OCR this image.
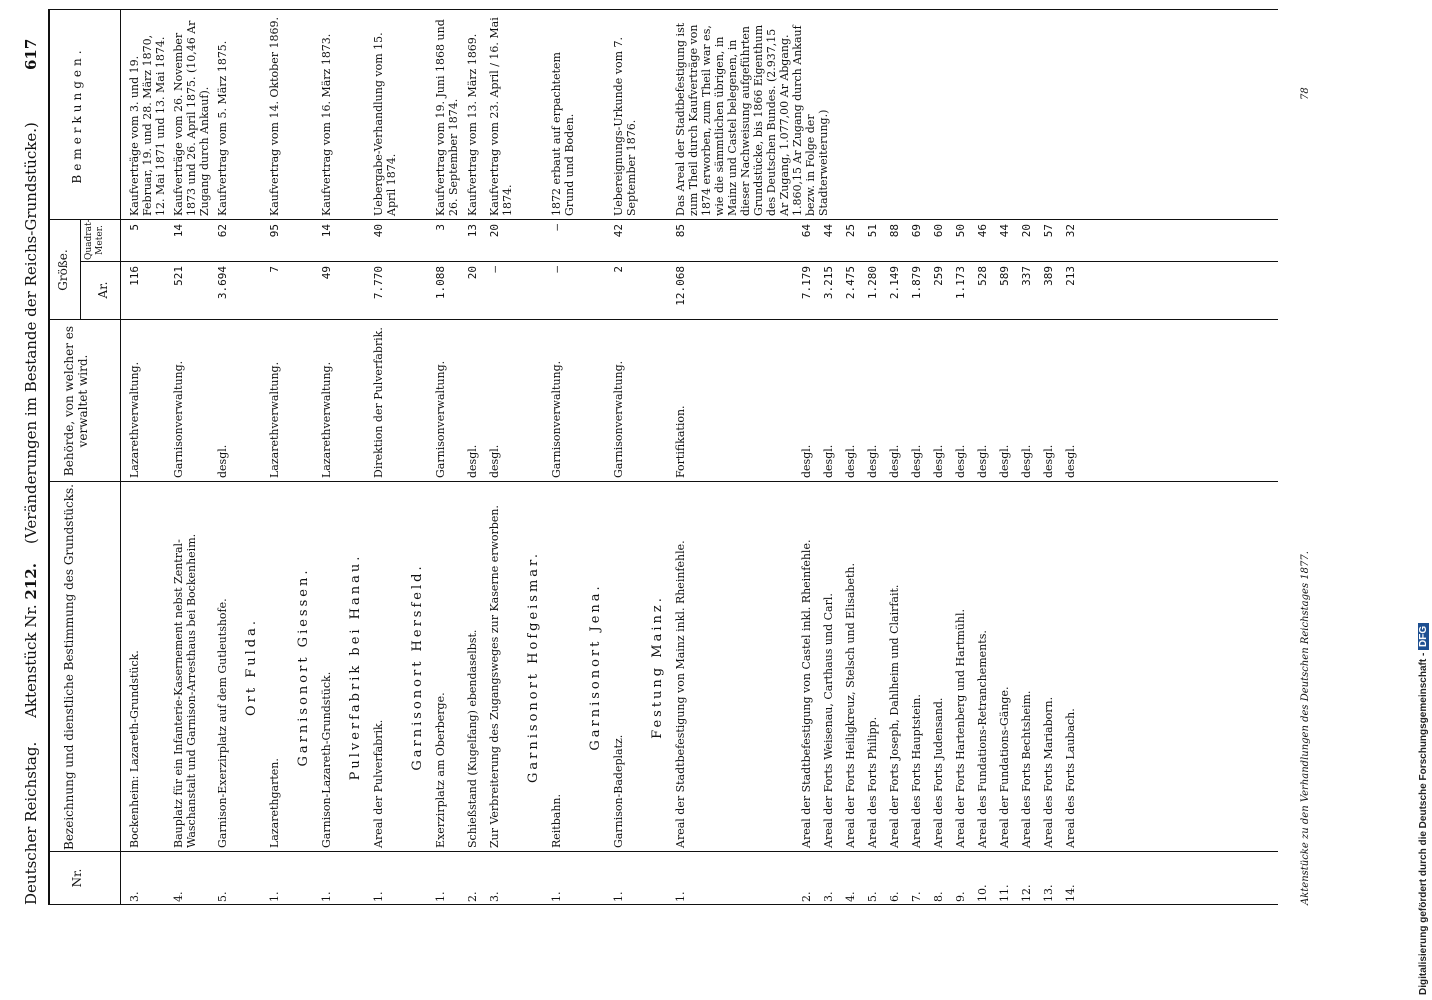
Deutscher Reichstag.     Aktenstück Nr. 212.    (Veränderungen im Bestande der Reichs-Grundstücke.)
617
Nr.
Bezeichnung und dienstliche Bestimmung des Grundstücks.
Behörde, von welcher es verwaltet wird.
Größe. Ar.
Quadrat-Meter.
Bemerkungen.
3.
Bockenheim: Lazareth-Grundstück.
Lazarethverwaltung.
116
5
Kaufverträge vom 3. und 19. Februar, 19. und 28. März 1870, 12. Mai 1871 und 13. Mai 1874.
4.
Bauplatz für ein Infanterie-Kasernement nebst Zentral-Waschanstalt und Garnison-Arresthaus bei Bockenheim.
Garnisonverwaltung.
521
14
Kaufverträge vom 26. November 1873 und 26. April 1875. (10,46 Ar Zugang durch Ankauf).
5.
Garnison-Exerzirplatz auf dem Gutleutshofe.
desgl.
3.694
62
Kaufvertrag vom 5. März 1875.
Ort Fulda.
1.
Lazarethgarten.
Lazarethverwaltung.
7
95
Kaufvertrag vom 14. Oktober 1869.
Garnisonort Giessen.
1.
Garnison-Lazareth-Grundstück.
Lazarethverwaltung.
49
14
Kaufvertrag vom 16. März 1873.
Pulverfabrik bei Hanau.
1.
Areal der Pulverfabrik.
Direktion der Pulverfabrik.
7.770
40
Uebergabe-Verhandlung vom 15. April 1874.
Garnisonort Hersfeld.
1.
Exerzirplatz am Oberberge.
Garnisonverwaltung.
1.088
3
Kaufvertrag vom 19. Juni 1868 und 26. September 1874.
2.
Schießstand (Kugelfang) ebendaselbst.
desgl.
20
13
Kaufvertrag vom 13. März 1869.
3.
Zur Verbreiterung des Zugangsweges zur Kaserne erworben.
desgl.
—
20
Kaufvertrag vom 23. April / 16. Mai 1874.
Garnisonort Hofgeismar.
1.
Reitbahn.
Garnisonverwaltung.
—
—
1872 erbaut auf erpachtetem Grund und Boden.
Garnisonort Jena.
1.
Garnison-Badeplatz.
Garnisonverwaltung.
2
42
Uebereignungs-Urkunde vom 7. September 1876.
Festung Mainz.
1.
Areal der Stadtbefestigung von Mainz inkl. Rheinfehle.
Fortifikation.
12.068
85
Das Areal der Stadtbefestigung ist zum Theil durch Kaufverträge von 1874 erworben, zum Theil war es, wie die sämmtlichen übrigen, in Mainz und Castel belegenen, in dieser Nachweisung aufgeführten Grundstücke, bis 1866 Eigenthum des Deutschen Bundes. (2.937,15 Ar Zugang, 1.077,00 Ar Abgang. 1.860,15 Ar Zugang durch Ankauf bezw. in Folge der Stadterweiterung.)
2.
Areal der Stadtbefestigung von Castel inkl. Rheinfehle.
desgl.
7.179
64
3.
Areal der Forts Weisenau, Carthaus und Carl.
desgl.
3.215
44
4.
Areal der Forts Heiligkreuz, Stelsch und Elisabeth.
desgl.
2.475
25
5.
Areal des Forts Philipp.
desgl.
1.280
51
6.
Areal der Forts Joseph, Dahlheim und Clairfait.
desgl.
2.149
88
7.
Areal des Forts Hauptstein.
desgl.
1.879
69
8.
Areal des Forts Judensand.
desgl.
259
60
9.
Areal der Forts Hartenberg und Hartmühl.
desgl.
1.173
50
10.
Areal des Fundations-Retranchements.
desgl.
528
46
11.
Areal der Fundations-Gänge.
desgl.
589
44
12.
Areal des Forts Bechtsheim.
desgl.
337
20
13.
Areal des Forts Mariaborn.
desgl.
389
57
14.
Areal des Forts Laubach.
desgl.
213
32
Aktenstücke zu den Verhandlungen des Deutschen Reichstages 1877.
78
Digitalisierung gefördert durch die Deutsche Forschungsgemeinschaft - DFG
